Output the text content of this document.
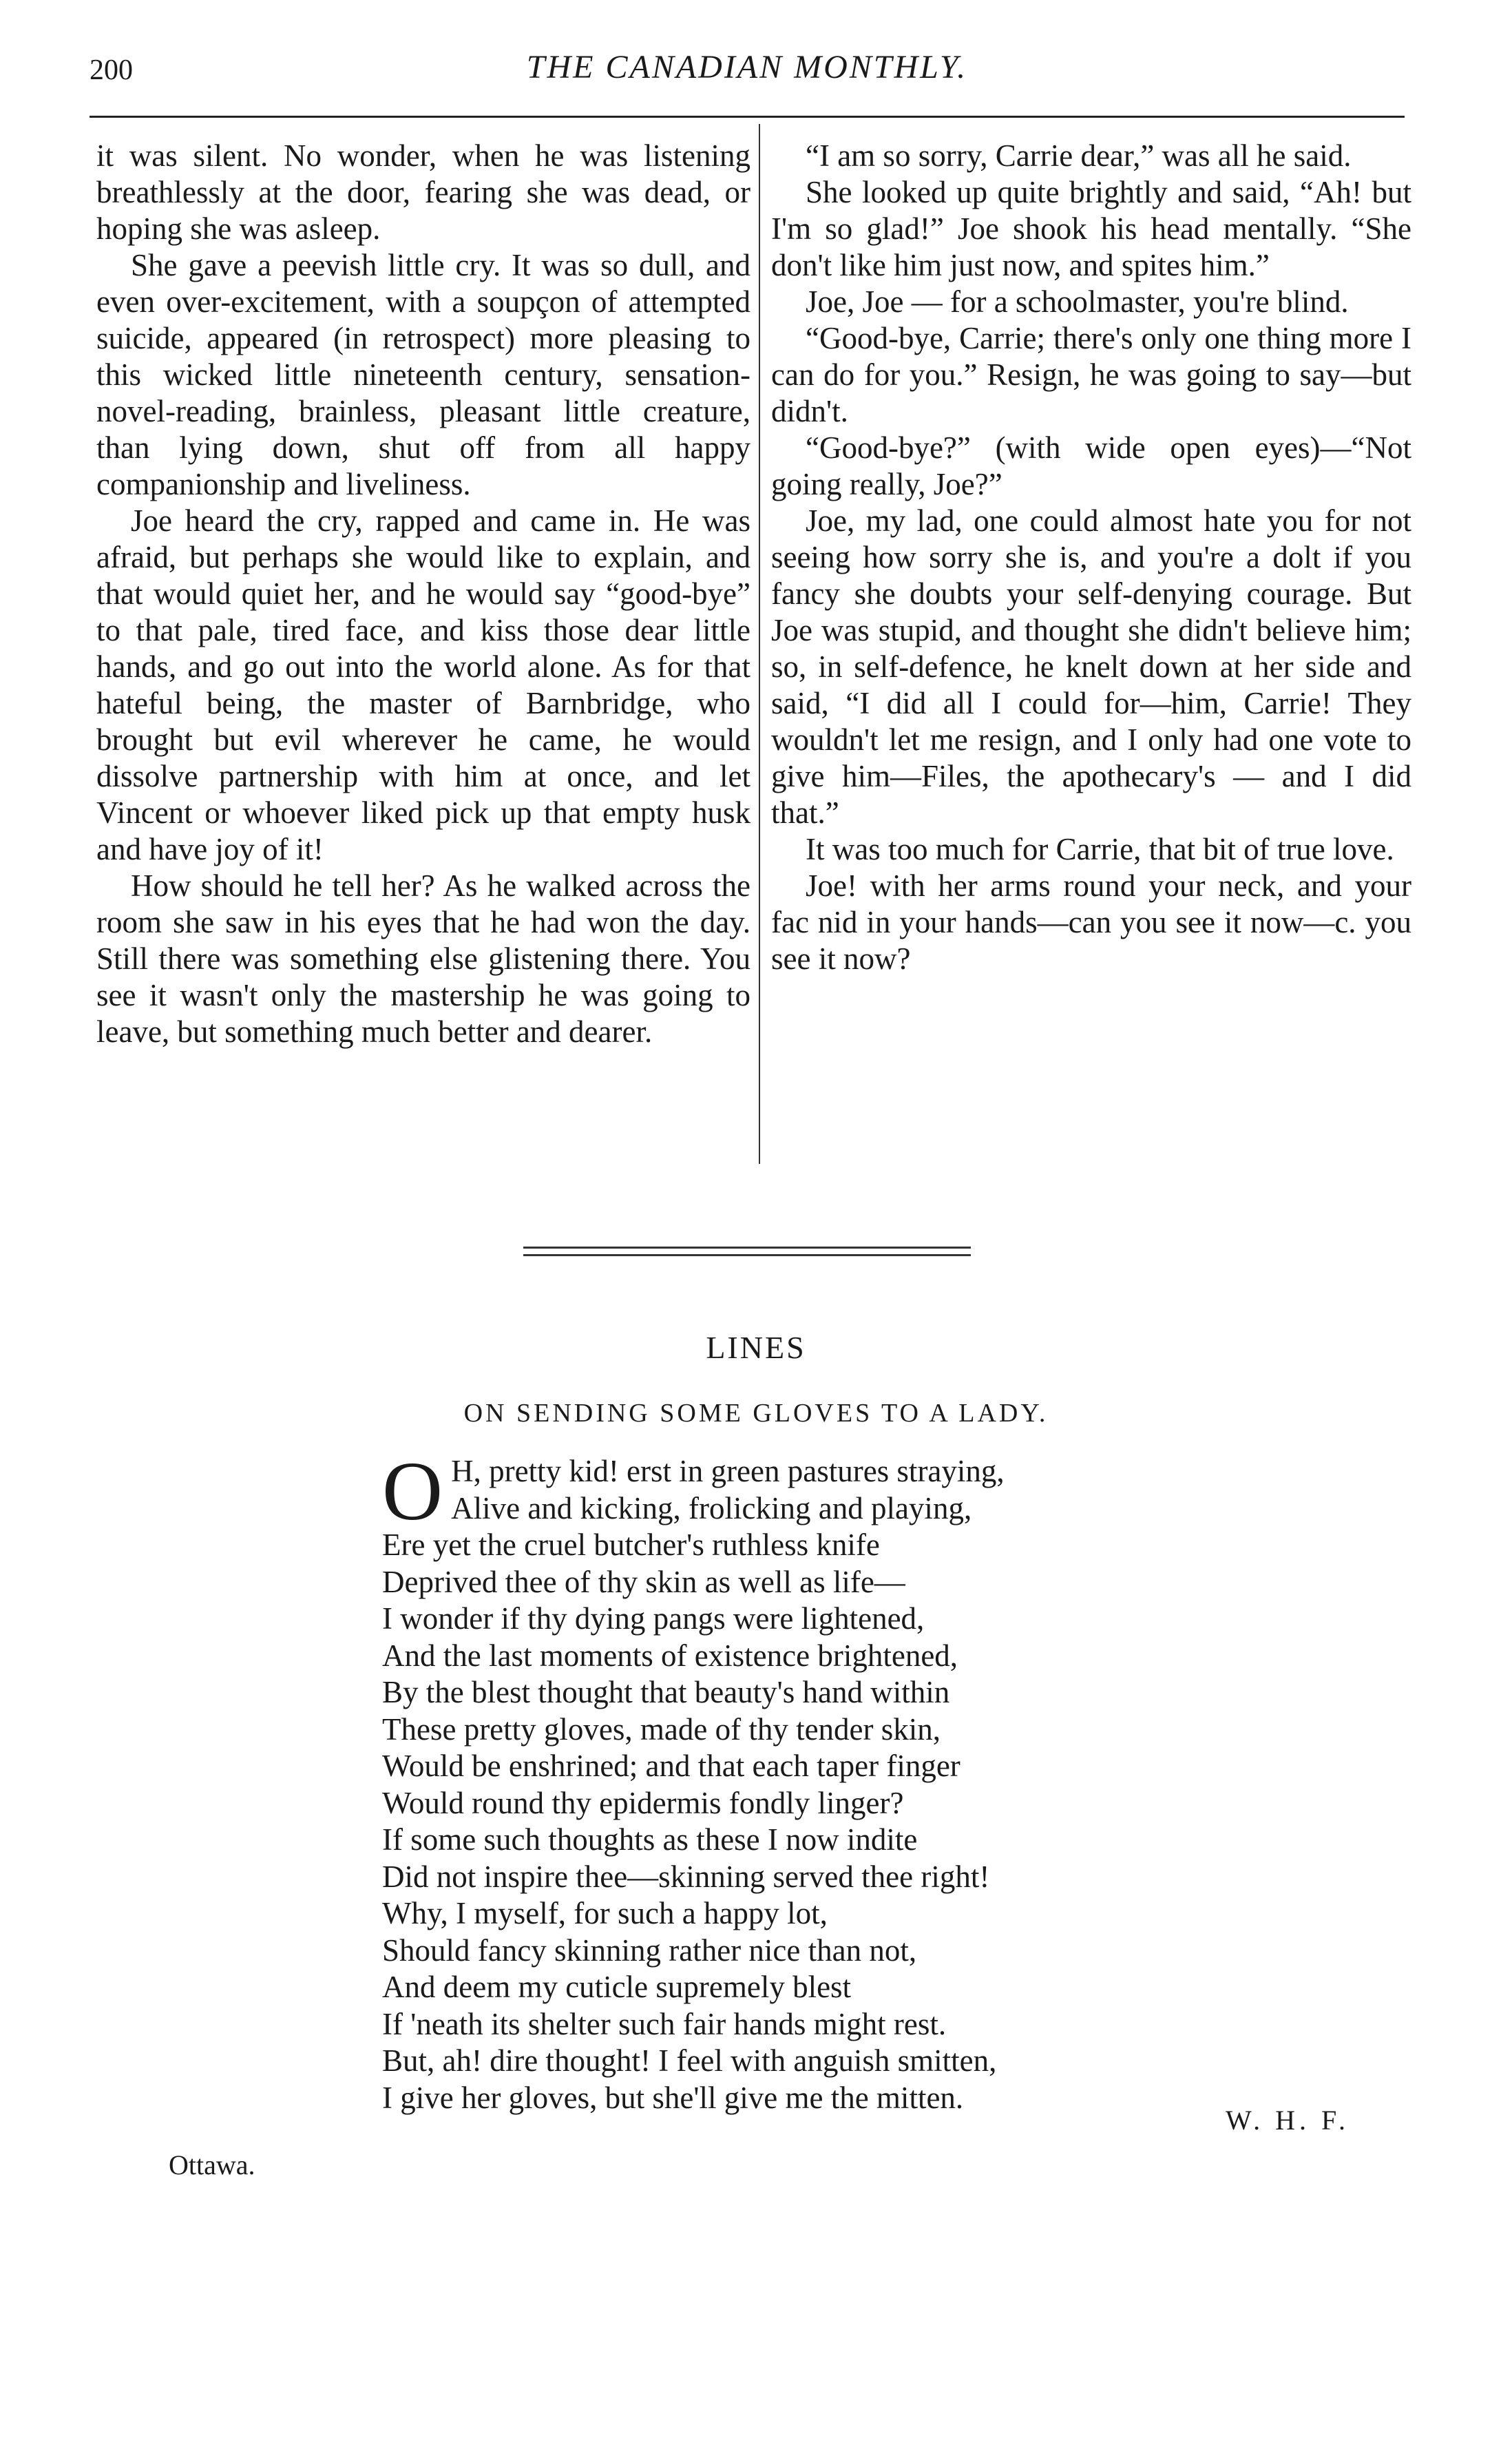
200	THE CANADIAN MONTHLY.

it was silent. No wonder, when he was listening breathlessly at the door, fearing she was dead, or hoping she was asleep.

She gave a peevish little cry. It was so dull, and even over-excitement, with a soupçon of attempted suicide, appeared (in retrospect) more pleasing to this wicked little nineteenth century, sensation-novel-reading, brainless, pleasant little creature, than lying down, shut off from all happy companionship and liveliness.

Joe heard the cry, rapped and came in. He was afraid, but perhaps she would like to explain, and that would quiet her, and he would say “good-bye” to that pale, tired face, and kiss those dear little hands, and go out into the world alone. As for that hateful being, the master of Barnbridge, who brought but evil wherever he came, he would dissolve partnership with him at once, and let Vincent or whoever liked pick up that empty husk and have joy of it!

How should he tell her? As he walked across the room she saw in his eyes that he had won the day. Still there was something else glistening there. You see it wasn't only the mastership he was going to leave, but something much better and dearer.

“I am so sorry, Carrie dear,” was all he said.

She looked up quite brightly and said, “Ah! but I'm so glad!” Joe shook his head mentally. “She don't like him just now, and spites him.”

Joe, Joe — for a schoolmaster, you're blind.

“Good-bye, Carrie; there's only one thing more I can do for you.” Resign, he was going to say—but didn't.

“Good-bye?” (with wide open eyes)—“Not going really, Joe?”

Joe, my lad, one could almost hate you for not seeing how sorry she is, and you're a dolt if you fancy she doubts your self-denying courage. But Joe was stupid, and thought she didn't believe him; so, in self-defence, he knelt down at her side and said, “I did all I could for—him, Carrie! They wouldn't let me resign, and I only had one vote to give him—Files, the apothecary's — and I did that.”

It was too much for Carrie, that bit of true love.

Joe! with her arms round your neck, and your fac nid in your hands—can you see it now—c. you see it now?

LINES
ON SENDING SOME GLOVES TO A LADY.
O H, pretty kid! erst in green pastures straying,
Alive and kicking, frolicking and playing,
Ere yet the cruel butcher's ruthless knife
Deprived thee of thy skin as well as life—
I wonder if thy dying pangs were lightened,
And the last moments of existence brightened,
By the blest thought that beauty's hand within
These pretty gloves, made of thy tender skin,
Would be enshrined; and that each taper finger
Would round thy epidermis fondly linger?
If some such thoughts as these I now indite
Did not inspire thee—skinning served thee right!
Why, I myself, for such a happy lot,
Should fancy skinning rather nice than not,
And deem my cuticle supremely blest
If 'neath its shelter such fair hands might rest.
But, ah! dire thought! I feel with anguish smitten,
I give her gloves, but she'll give me the mitten.
W. H. F.
Ottawa.
